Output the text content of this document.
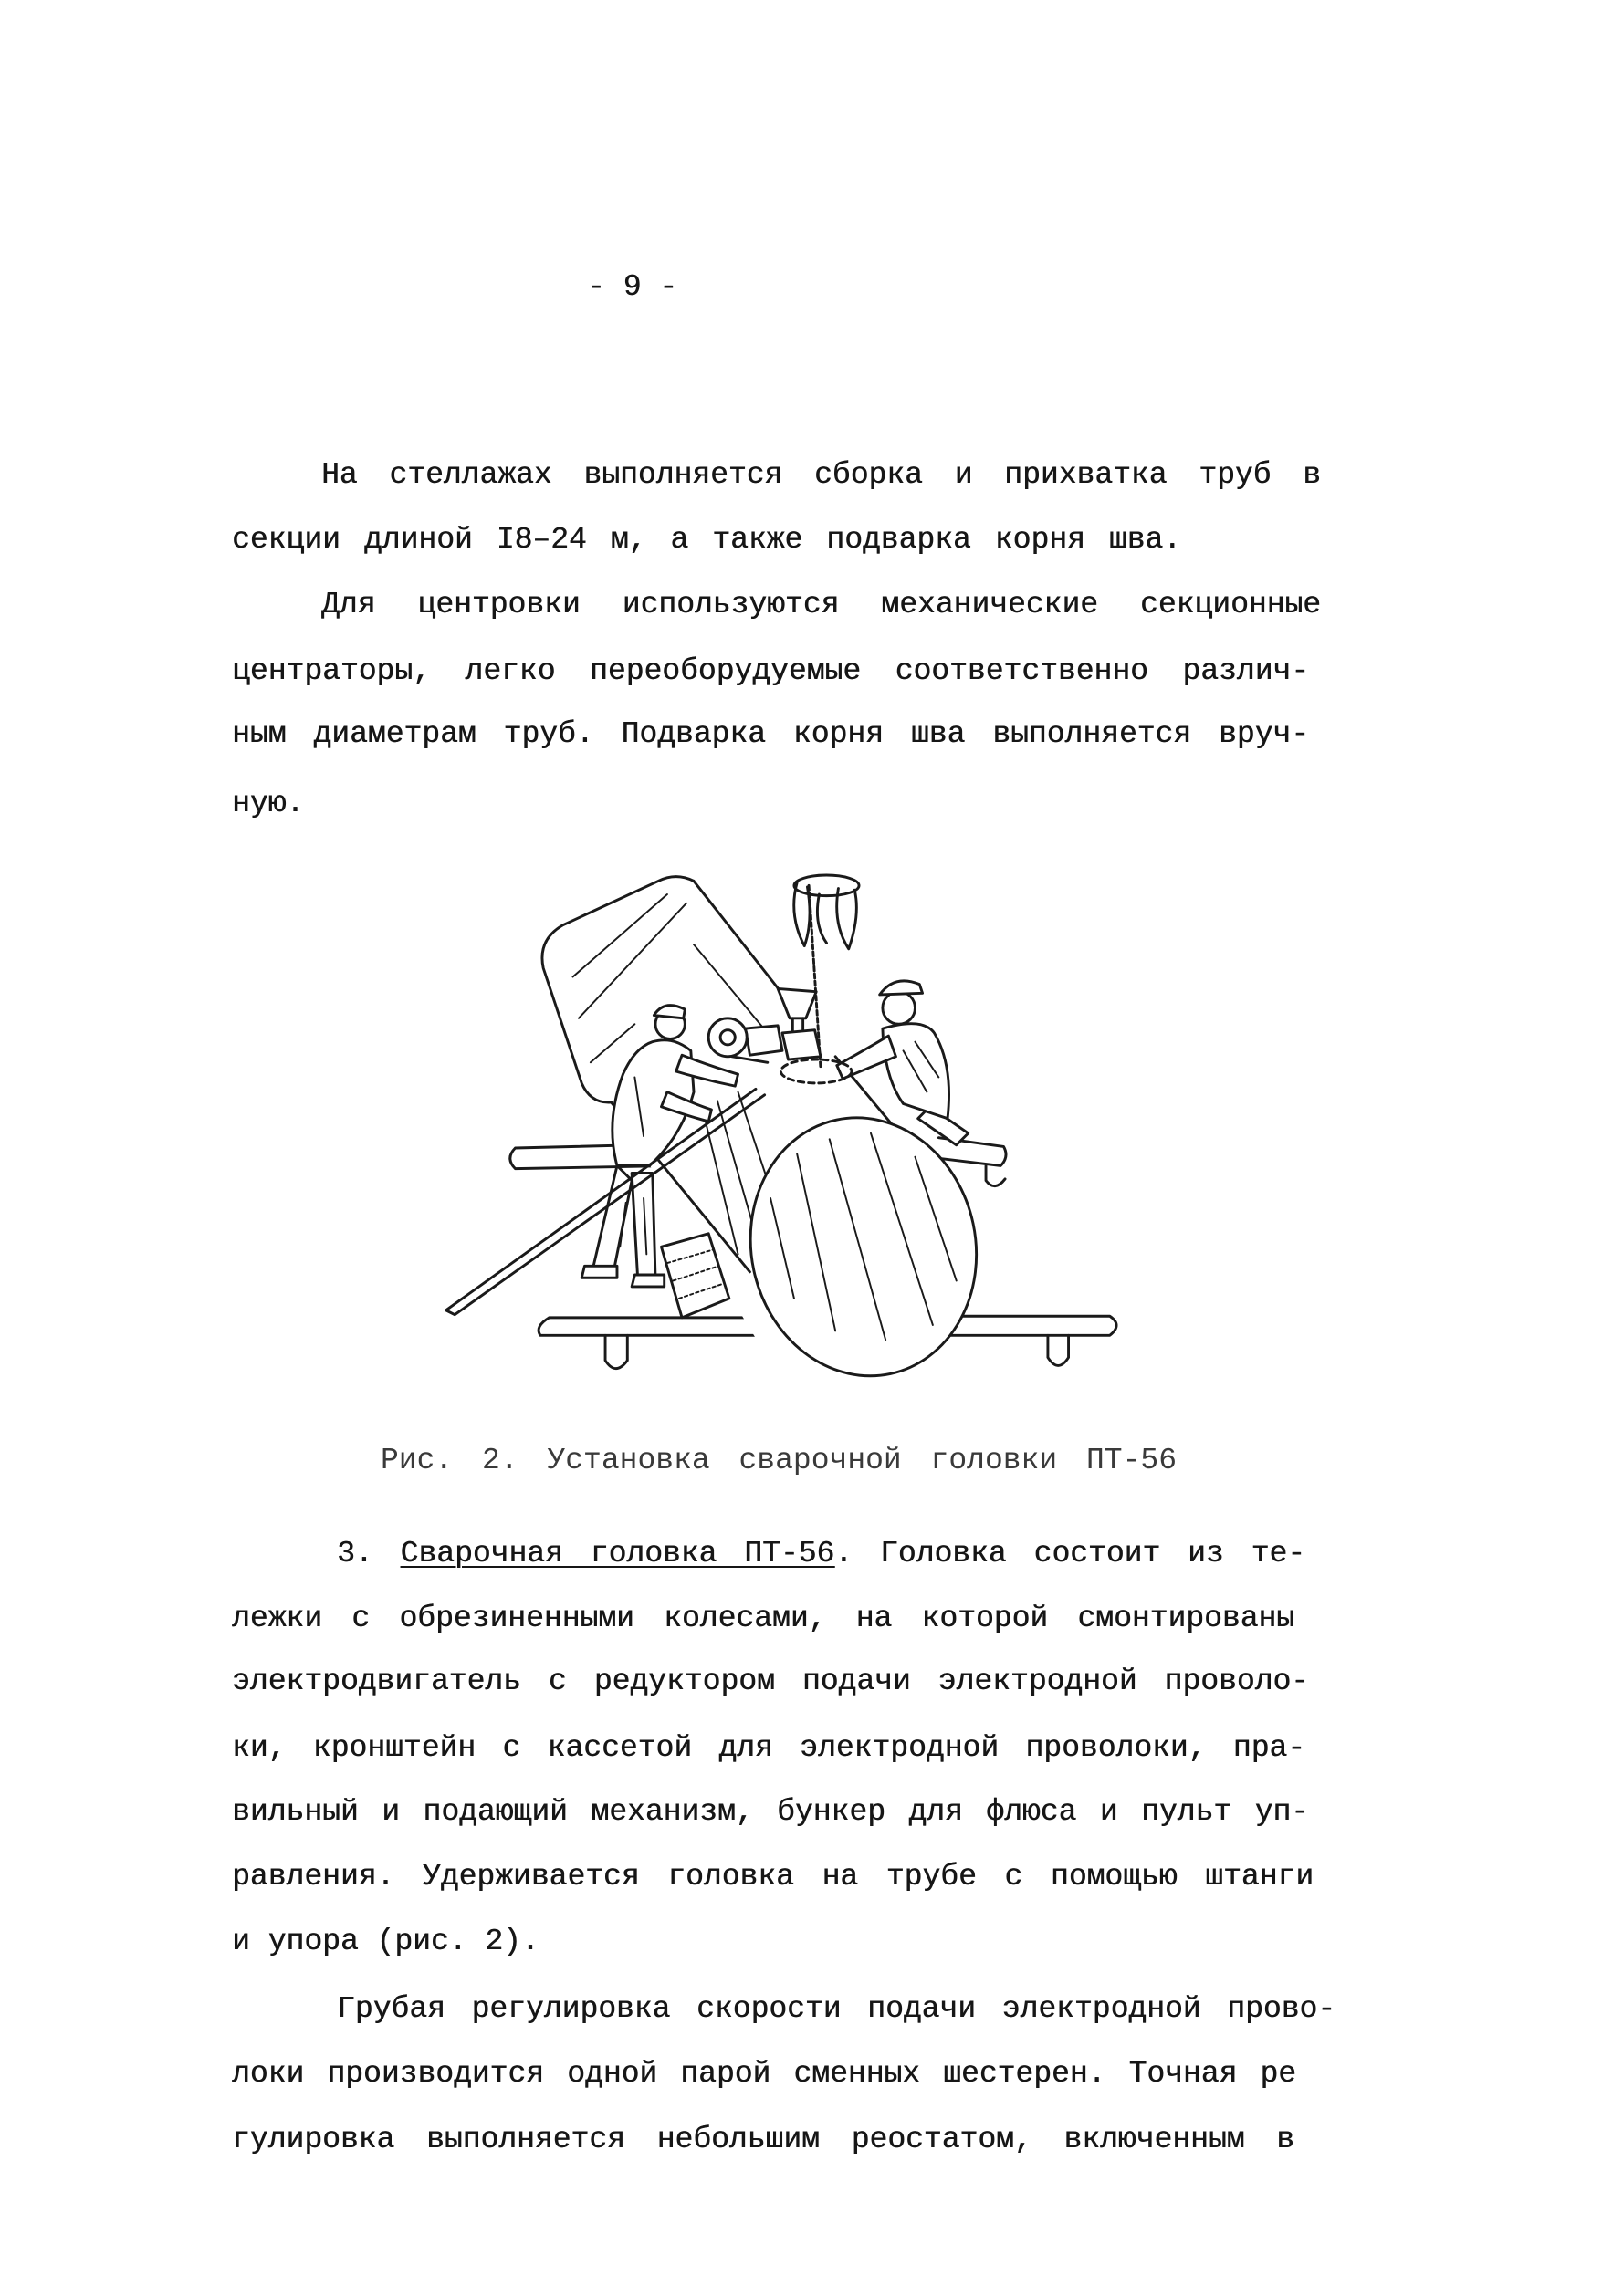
- 9 -
На стеллажах выполняется сборка и прихватка труб в
секции длиной I8–24 м, а также подварка корня шва.
Для центровки используются механические секционные
центраторы, легко переоборудуемые соответственно различ-
ным диаметрам труб. Подварка корня шва выполняется вруч-
ную.
Рис. 2. Установка сварочной головки ПТ-56
3. Сварочная головка ПТ-56. Головка состоит из те-
лежки с обрезиненными колесами, на которой смонтированы
электродвигатель с редуктором подачи электродной проволо-
ки, кронштейн с кассетой для электродной проволоки, пра-
вильный и подающий механизм, бункер для флюса и пульт уп-
равления. Удерживается головка на трубе с помощью штанги
и упора (рис. 2).
Грубая регулировка скорости подачи электродной прово-
локи производится одной парой сменных шестерен. Точная ре
гулировка выполняется небольшим реостатом, включенным в
